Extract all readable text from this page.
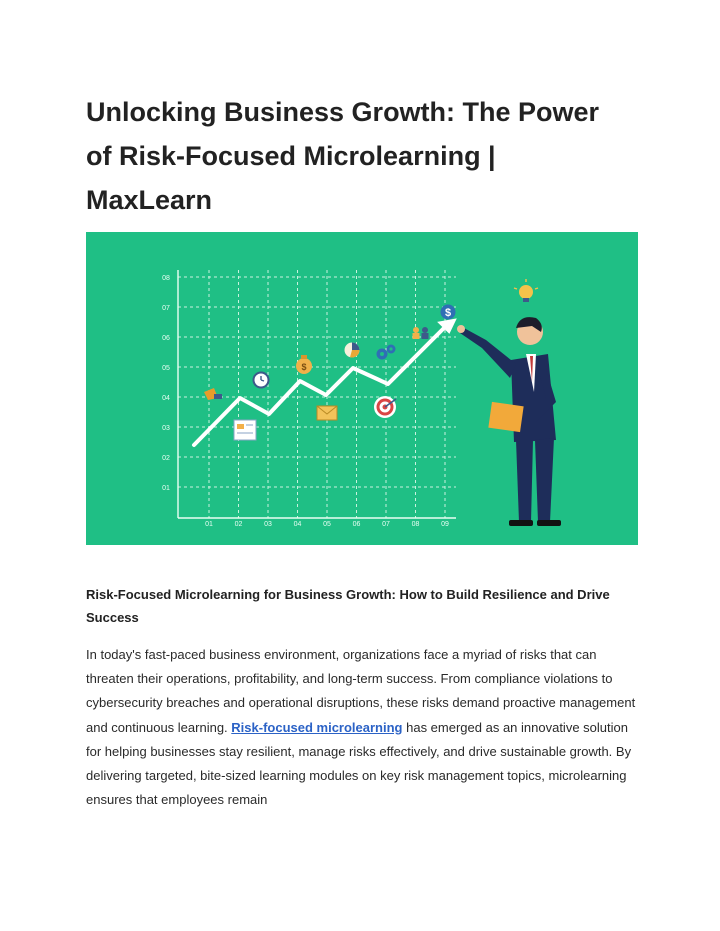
Unlocking Business Growth: The Power
of Risk-Focused Microlearning |
MaxLearn
08
07
06
05
04
03
02
01
01	02	03	04	05	06	07	08	09
$
$
Risk-Focused Microlearning for Business Growth: How to Build Resilience and Drive Success

In today's fast-paced business environment, organizations face a myriad of risks that can threaten their operations, profitability, and long-term success. From compliance violations to cybersecurity breaches and operational disruptions, these risks demand proactive management and continuous learning. Risk-focused microlearning has emerged as an innovative solution for helping businesses stay resilient, manage risks effectively, and drive sustainable growth. By delivering targeted, bite-sized learning modules on key risk management topics, microlearning ensures that employees remain
